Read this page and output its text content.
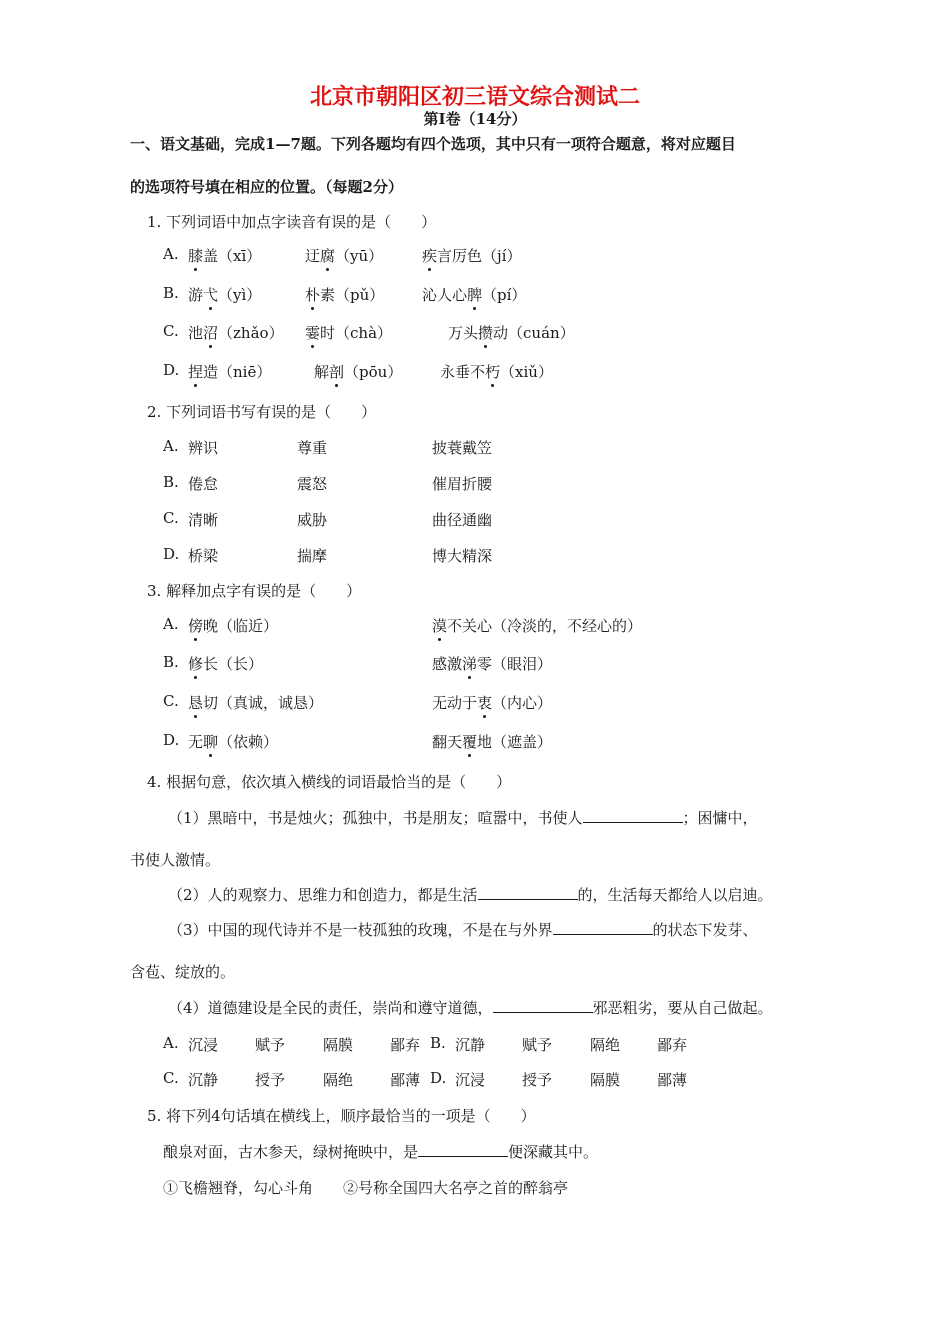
北京市朝阳区初三语文综合测试二
第I卷（14分）
一、语文基础，完成1—7题。下列各题均有四个选项，其中只有一项符合题意，将对应题目
的选项符号填在相应的位置。（每题2分）
1. 下列词语中加点字读音有误的是（　　）
A. 膝盖（xī）	迂腐（yū）	疾言厉色（jí）
B. 游弋（yì）	朴素（pǔ）	沁人心脾（pí）
C. 池沼（zhǎo） 霎时（chà）	万头攒动（cuán）
D. 捏造（niē）	解剖（pōu）	永垂不朽（xiǔ）
2. 下列词语书写有误的是（　　）
A. 辨识	尊重	披蓑戴笠
B. 倦怠	震怒	催眉折腰
C. 清晰	威胁	曲径通幽
D. 桥梁	揣摩	博大精深
3. 解释加点字有误的是（　　）
A. 傍晚（临近）	漠不关心（冷淡的，不经心的）
B. 修长（长）	感激涕零（眼泪）
C. 恳切（真诚，诚恳）	无动于衷（内心）
D. 无聊（依赖）	翻天覆地（遮盖）
4. 根据句意，依次填入横线的词语最恰当的是（　　）
（1）黑暗中，书是烛火；孤独中，书是朋友；喧嚣中，书使人	；困慵中，
书使人激情。
（2）人的观察力、思维力和创造力，都是生活	的，生活每天都给人以启迪。
（3）中国的现代诗并不是一枝孤独的玫瑰，不是在与外界	的状态下发芽、
含苞、绽放的。
（4）道德建设是全民的责任，崇尚和遵守道德，	邪恶粗劣，要从自己做起。
A. 沉浸 赋予	隔膜 鄙弃 B. 沉静 赋予	隔绝 鄙弃
C. 沉静 授予	隔绝 鄙薄 D. 沉浸 授予	隔膜 鄙薄
5. 将下列4句话填在横线上，顺序最恰当的一项是（　　）
酿泉对面，古木参天，绿树掩映中，是	便深藏其中。
①飞檐翘脊，勾心斗角　　②号称全国四大名亭之首的醉翁亭
